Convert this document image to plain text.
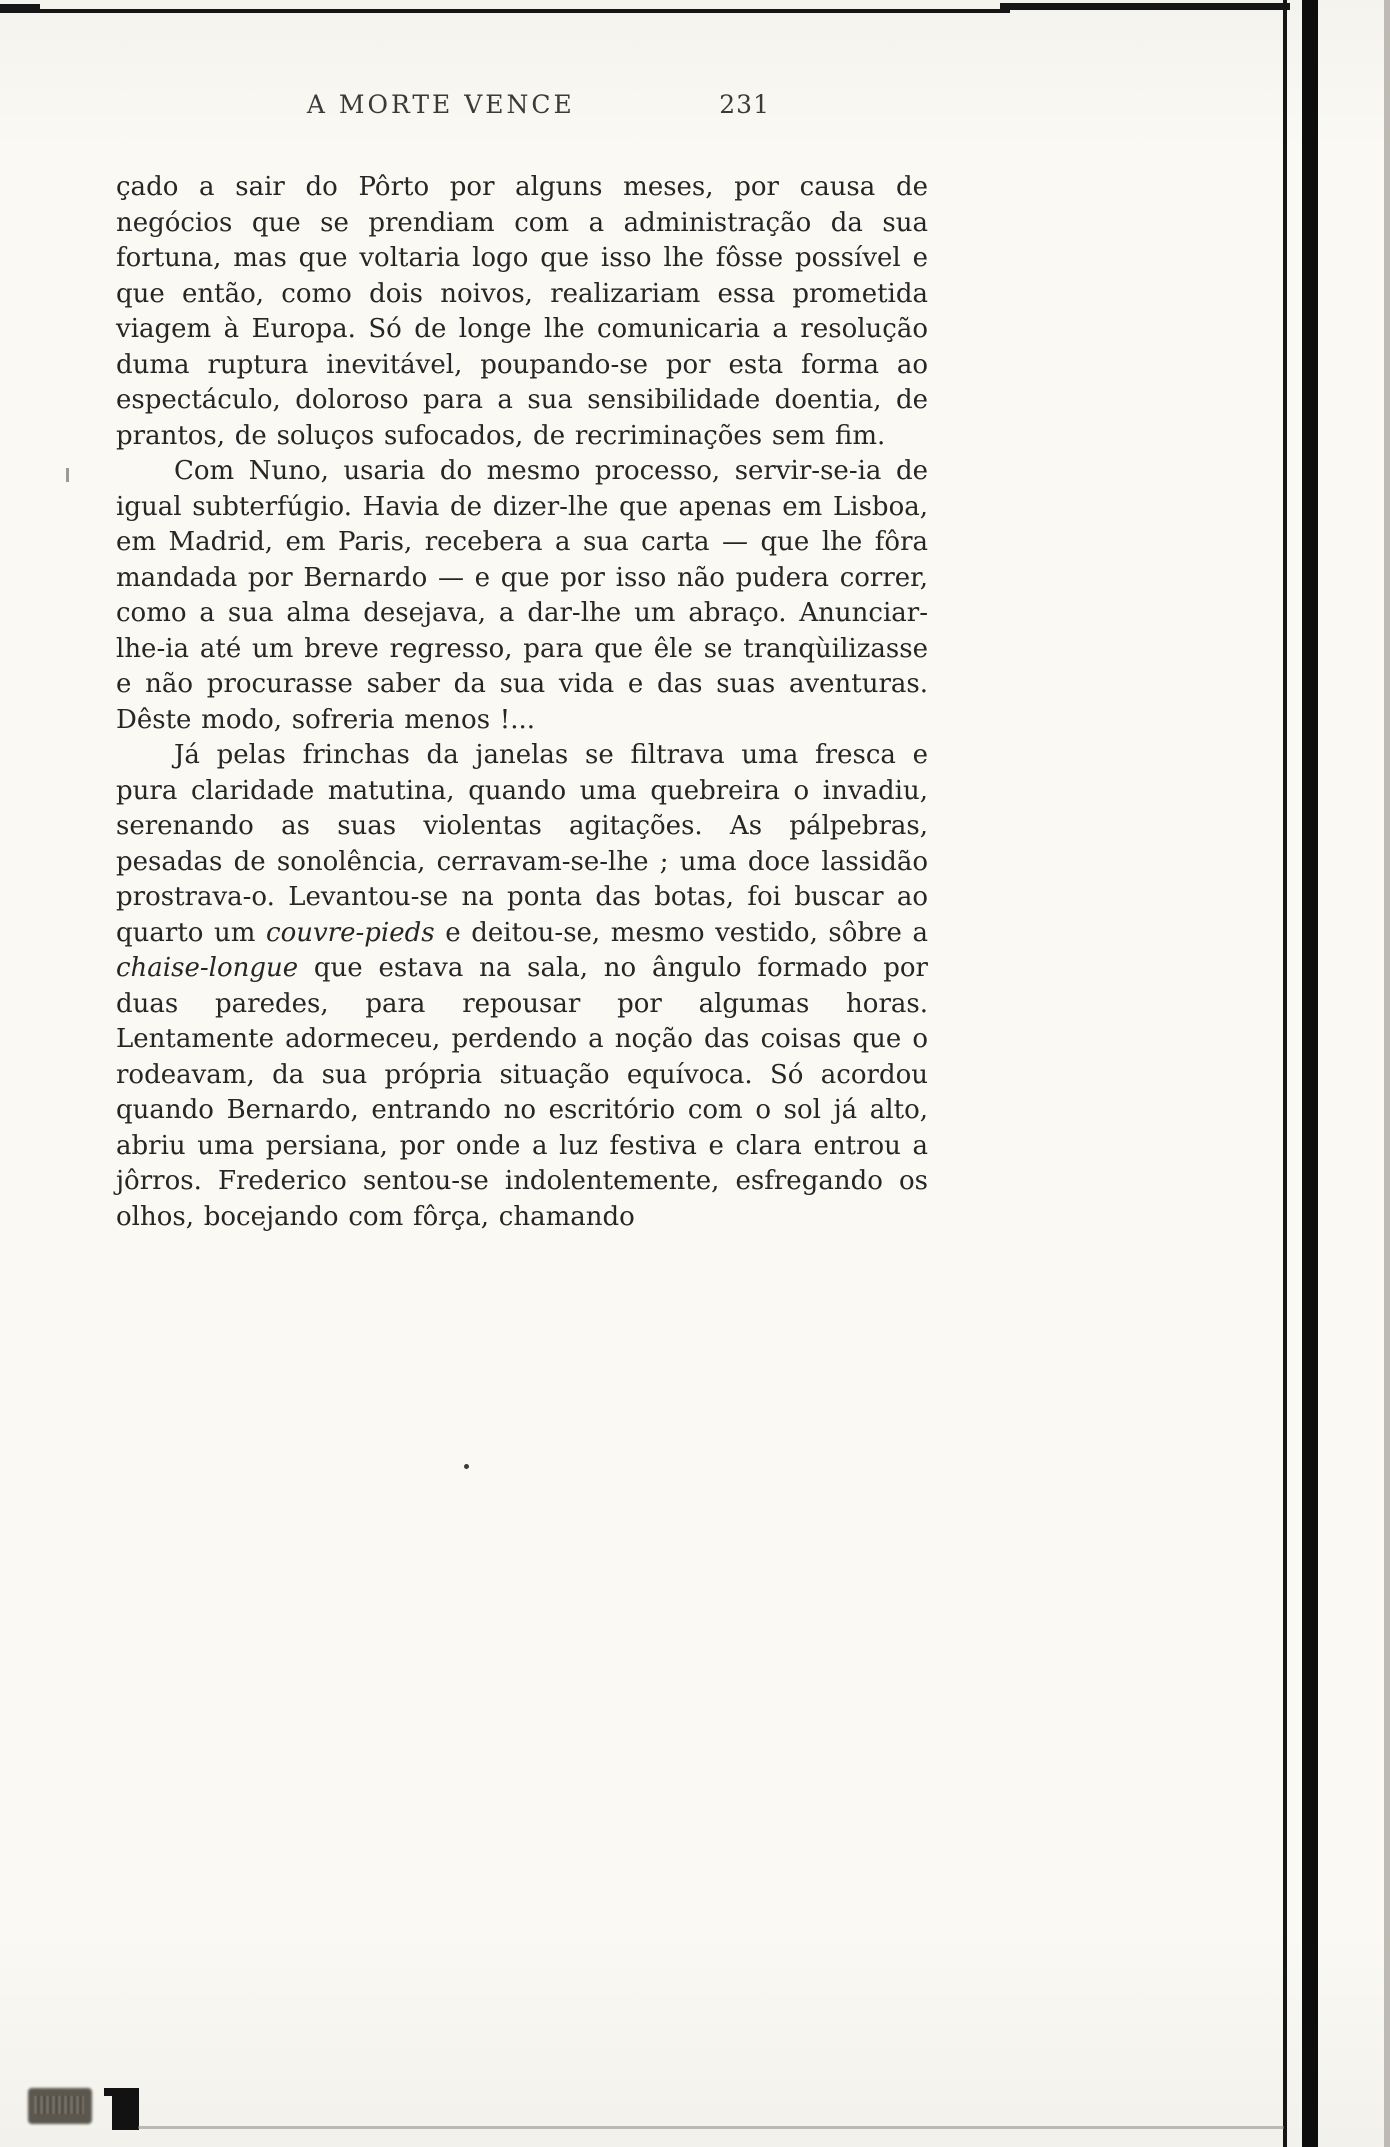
A MORTE VENCE	231

çado a sair do Pôrto por alguns meses, por causa de negócios que se prendiam com a administração da sua fortuna, mas que voltaria logo que isso lhe fôsse possível e que então, como dois noivos, realizariam essa prometida viagem à Europa. Só de longe lhe comunicaria a resolução duma ruptura inevitável, poupando-se por esta forma ao espectáculo, doloroso para a sua sensibilidade doentia, de prantos, de soluços sufocados, de recriminações sem fim.

Com Nuno, usaria do mesmo processo, servir-se-ia de igual subterfúgio. Havia de dizer-lhe que apenas em Lisboa, em Madrid, em Paris, recebera a sua carta — que lhe fôra mandada por Bernardo — e que por isso não pudera correr, como a sua alma desejava, a dar-lhe um abraço. Anunciar-lhe-ia até um breve regresso, para que êle se tranqùilizasse e não procurasse saber da sua vida e das suas aventuras. Dêste modo, sofreria menos !...

Já pelas frinchas da janelas se filtrava uma fresca e pura claridade matutina, quando uma quebreira o invadiu, serenando as suas violentas agitações. As pálpebras, pesadas de sonolência, cerravam-se-lhe ; uma doce lassidão prostrava-o. Levantou-se na ponta das botas, foi buscar ao quarto um couvre-pieds e deitou-se, mesmo vestido, sôbre a chaise-longue que estava na sala, no ângulo formado por duas paredes, para repousar por algumas horas. Lentamente adormeceu, perdendo a noção das coisas que o rodeavam, da sua própria situação equívoca. Só acordou quando Bernardo, entrando no escritório com o sol já alto, abriu uma persiana, por onde a luz festiva e clara entrou a jôrros. Frederico sentou-se indolentemente, esfregando os olhos, bocejando com fôrça, chamando
